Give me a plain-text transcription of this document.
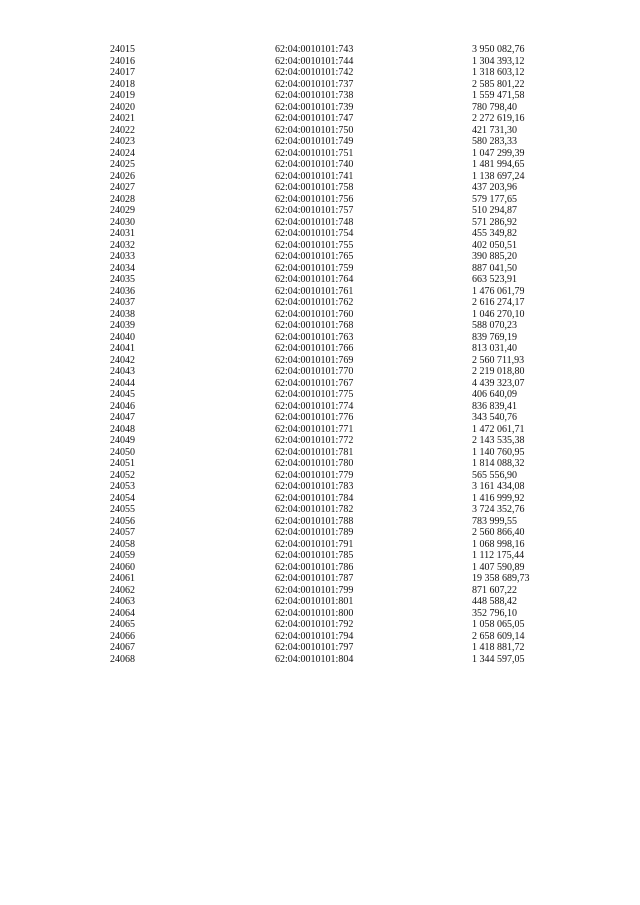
24015	62:04:0010101:743	3 950 082,76
24016	62:04:0010101:744	1 304 393,12
24017	62:04:0010101:742	1 318 603,12
24018	62:04:0010101:737	2 585 801,22
24019	62:04:0010101:738	1 559 471,58
24020	62:04:0010101:739	780 798,40
24021	62:04:0010101:747	2 272 619,16
24022	62:04:0010101:750	421 731,30
24023	62:04:0010101:749	580 283,33
24024	62:04:0010101:751	1 047 299,39
24025	62:04:0010101:740	1 481 994,65
24026	62:04:0010101:741	1 138 697,24
24027	62:04:0010101:758	437 203,96
24028	62:04:0010101:756	579 177,65
24029	62:04:0010101:757	510 294,87
24030	62:04:0010101:748	571 286,92
24031	62:04:0010101:754	455 349,82
24032	62:04:0010101:755	402 050,51
24033	62:04:0010101:765	390 885,20
24034	62:04:0010101:759	887 041,50
24035	62:04:0010101:764	663 523,91
24036	62:04:0010101:761	1 476 061,79
24037	62:04:0010101:762	2 616 274,17
24038	62:04:0010101:760	1 046 270,10
24039	62:04:0010101:768	588 070,23
24040	62:04:0010101:763	839 769,19
24041	62:04:0010101:766	813 031,40
24042	62:04:0010101:769	2 560 711,93
24043	62:04:0010101:770	2 219 018,80
24044	62:04:0010101:767	4 439 323,07
24045	62:04:0010101:775	406 640,09
24046	62:04:0010101:774	836 839,41
24047	62:04:0010101:776	343 540,76
24048	62:04:0010101:771	1 472 061,71
24049	62:04:0010101:772	2 143 535,38
24050	62:04:0010101:781	1 140 760,95
24051	62:04:0010101:780	1 814 088,32
24052	62:04:0010101:779	565 556,90
24053	62:04:0010101:783	3 161 434,08
24054	62:04:0010101:784	1 416 999,92
24055	62:04:0010101:782	3 724 352,76
24056	62:04:0010101:788	783 999,55
24057	62:04:0010101:789	2 560 866,40
24058	62:04:0010101:791	1 068 998,16
24059	62:04:0010101:785	1 112 175,44
24060	62:04:0010101:786	1 407 590,89
24061	62:04:0010101:787	19 358 689,73
24062	62:04:0010101:799	871 607,22
24063	62:04:0010101:801	448 588,42
24064	62:04:0010101:800	352 796,10
24065	62:04:0010101:792	1 058 065,05
24066	62:04:0010101:794	2 658 609,14
24067	62:04:0010101:797	1 418 881,72
24068	62:04:0010101:804	1 344 597,05
